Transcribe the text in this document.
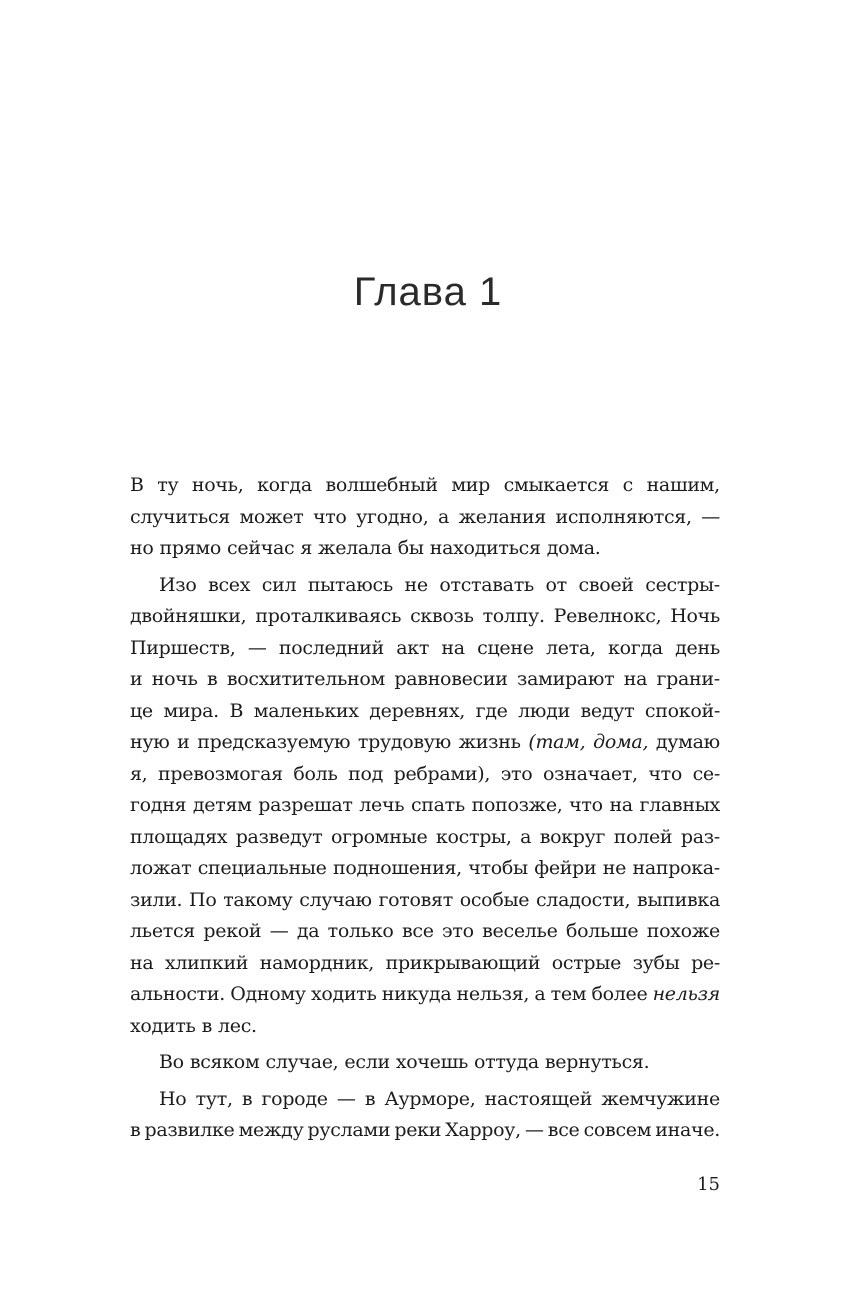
Глава 1
В ту ночь, когда волшебный мир смыкается с нашим,
случиться может что угодно, а желания исполняются, —
но прямо сейчас я желала бы находиться дома.
Изо всех сил пытаюсь не отставать от своей сестры-
двойняшки, проталкиваясь сквозь толпу. Ревелнокс, Ночь
Пиршеств, — последний акт на сцене лета, когда день
и ночь в восхитительном равновесии замирают на грани-
це мира. В маленьких деревнях, где люди ведут спокой-
ную и предсказуемую трудовую жизнь (там, дома, думаю
я, превозмогая боль под ребрами), это означает, что се-
годня детям разрешат лечь спать попозже, что на главных
площадях разведут огромные костры, а вокруг полей раз-
ложат специальные подношения, чтобы фейри не напрока-
зили. По такому случаю готовят особые сладости, выпивка
льется рекой — да только все это веселье больше похоже
на хлипкий намордник, прикрывающий острые зубы ре-
альности. Одному ходить никуда нельзя, а тем более нельзя
ходить в лес.
Во всяком случае, если хочешь оттуда вернуться.
Но тут, в городе — в Аурморе, настоящей жемчужине
в развилке между руслами реки Харроу, — все совсем иначе.

15
